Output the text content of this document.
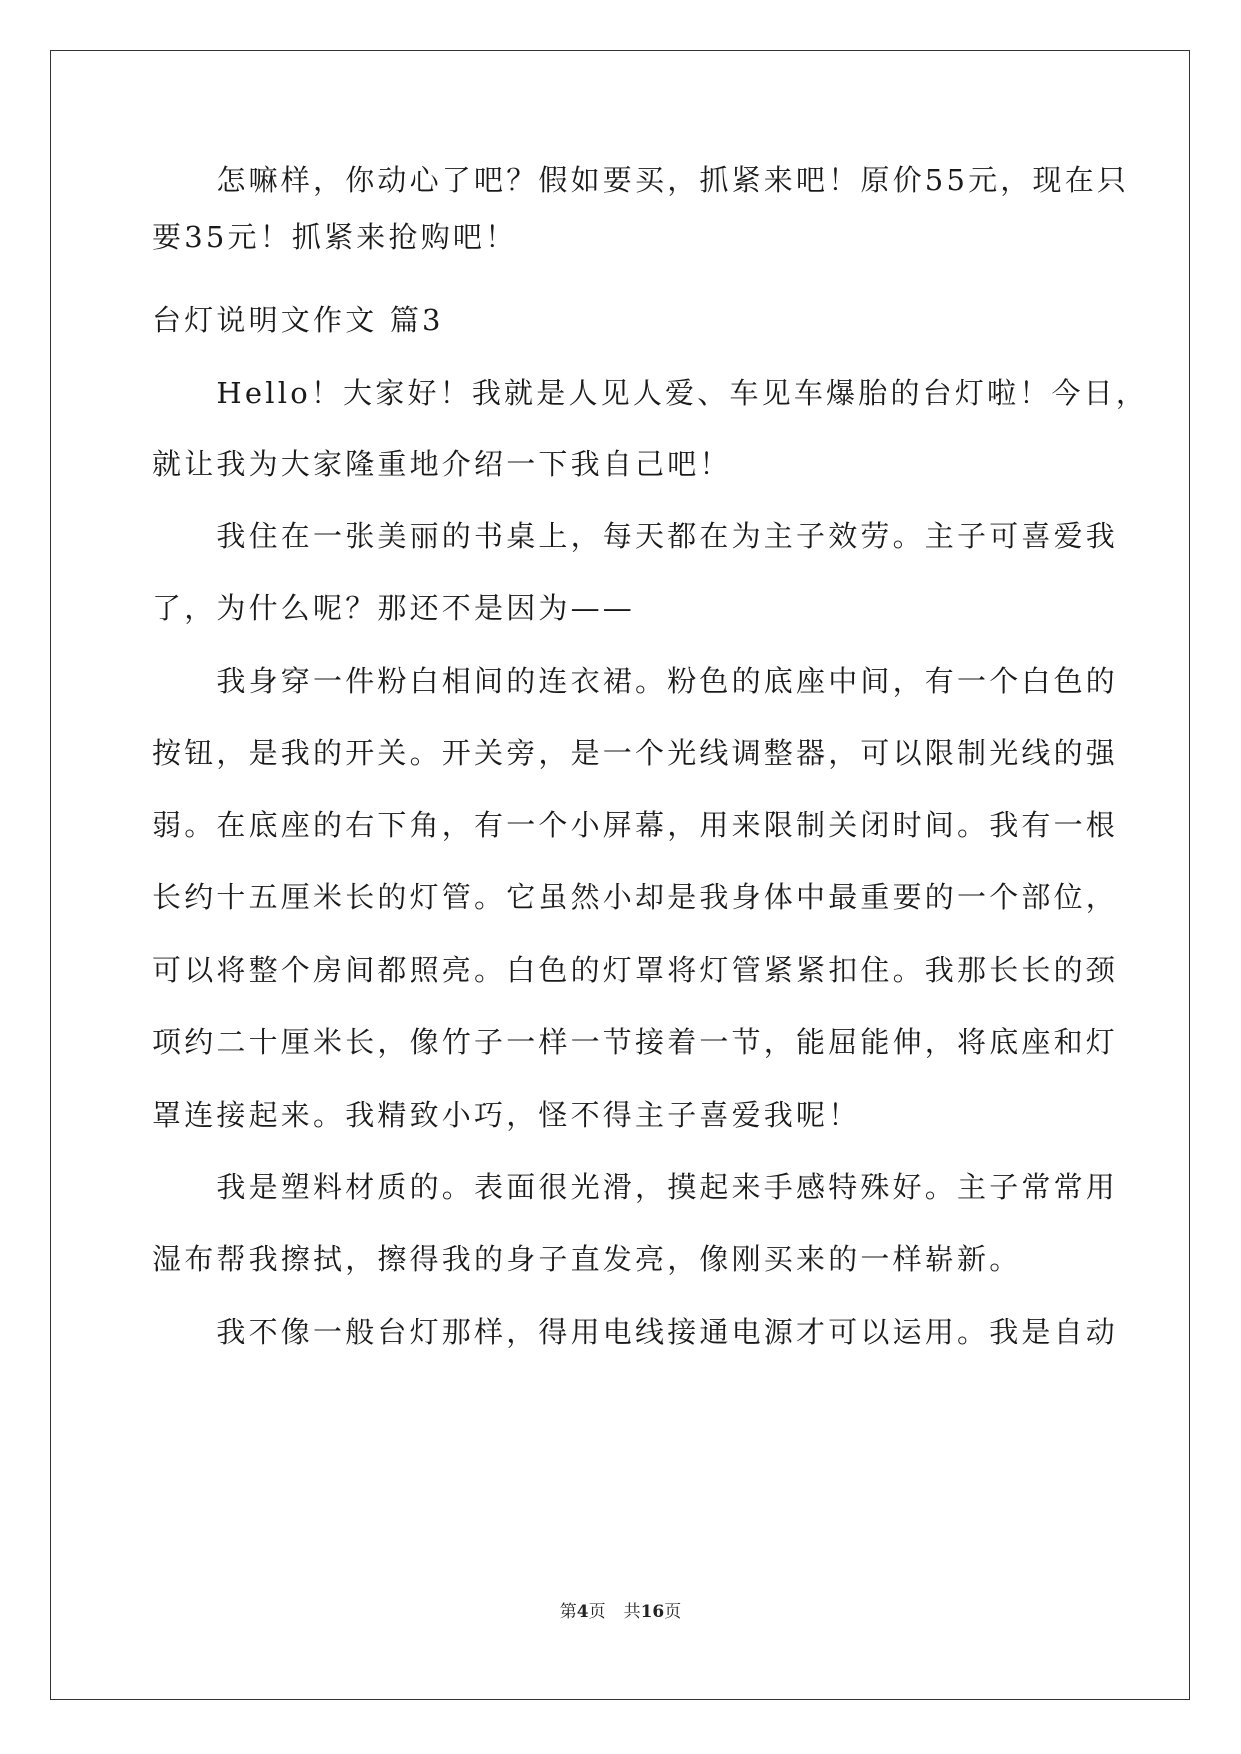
　　怎嘛样，你动心了吧？假如要买，抓紧来吧！原价55元，现在只
要35元！抓紧来抢购吧！
台灯说明文作文 篇3
　　Hello！大家好！我就是人见人爱、车见车爆胎的台灯啦！今日，
就让我为大家隆重地介绍一下我自己吧！
　　我住在一张美丽的书桌上，每天都在为主子效劳。主子可喜爱我
了，为什么呢？那还不是因为——
　　我身穿一件粉白相间的连衣裙。粉色的底座中间，有一个白色的
按钮，是我的开关。开关旁，是一个光线调整器，可以限制光线的强
弱。在底座的右下角，有一个小屏幕，用来限制关闭时间。我有一根
长约十五厘米长的灯管。它虽然小却是我身体中最重要的一个部位，
可以将整个房间都照亮。白色的灯罩将灯管紧紧扣住。我那长长的颈
项约二十厘米长，像竹子一样一节接着一节，能屈能伸，将底座和灯
罩连接起来。我精致小巧，怪不得主子喜爱我呢！
　　我是塑料材质的。表面很光滑，摸起来手感特殊好。主子常常用
湿布帮我擦拭，擦得我的身子直发亮，像刚买来的一样崭新。
　　我不像一般台灯那样，得用电线接通电源才可以运用。我是自动
第4页 共16页
